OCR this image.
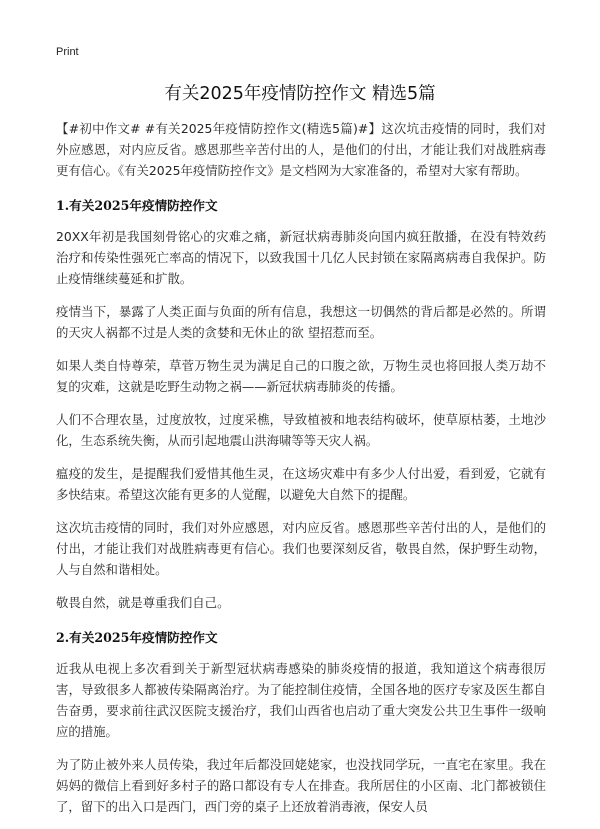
Print
有关2025年疫情防控作文 精选5篇

【#初中作文# #有关2025年疫情防控作文(精选5篇)#】这次坑击疫情的同时，我们对外应感恩，对内应反省。感恩那些辛苦付出的人，是他们的付出，才能让我们对战胜病毒更有信心。《有关2025年疫情防控作文》是文档网为大家准备的，希望对大家有帮助。

1.有关2025年疫情防控作文

20XX年初是我国刻骨铭心的灾难之痛，新冠状病毒肺炎向国内疯狂散播，在没有特效药治疗和传染性强死亡率高的情况下，以致我国十几亿人民封锁在家隔离病毒自我保护。防止疫情继续蔓延和扩散。

疫情当下，暴露了人类正面与负面的所有信息，我想这一切偶然的背后都是必然的。所谓的天灾人祸都不过是人类的贪婪和无休止的欲 望招惹而至。

如果人类自恃尊荣，草菅万物生灵为满足自己的口腹之欲，万物生灵也将回报人类万劫不复的灾难，这就是吃野生动物之祸——新冠状病毒肺炎的传播。

人们不合理农垦，过度放牧，过度采樵，导致植被和地表结构破坏，使草原枯萎，土地沙化，生态系统失衡，从而引起地震山洪海啸等等天灾人祸。

瘟疫的发生，是提醒我们爱惜其他生灵，在这场灾难中有多少人付出爱，看到爱，它就有多快结束。希望这次能有更多的人觉醒，以避免大自然下的提醒。

这次坑击疫情的同时，我们对外应感恩，对内应反省。感恩那些辛苦付出的人，是他们的付出，才能让我们对战胜病毒更有信心。我们也要深刻反省，敬畏自然，保护野生动物，人与自然和谐相处。

敬畏自然，就是尊重我们自己。

2.有关2025年疫情防控作文

近我从电视上多次看到关于新型冠状病毒感染的肺炎疫情的报道，我知道这个病毒很厉害，导致很多人都被传染隔离治疗。为了能控制住疫情，全国各地的医疗专家及医生都自告奋勇，要求前往武汉医院支援治疗，我们山西省也启动了重大突发公共卫生事件一级响应的措施。

为了防止被外来人员传染，我过年后都没回姥姥家，也没找同学玩，一直宅在家里。我在妈妈的微信上看到好多村子的路口都设有专人在排查。我所居住的小区南、北门都被锁住了，留下的出入口是西门，西门旁的桌子上还放着消毒液，保安人员
